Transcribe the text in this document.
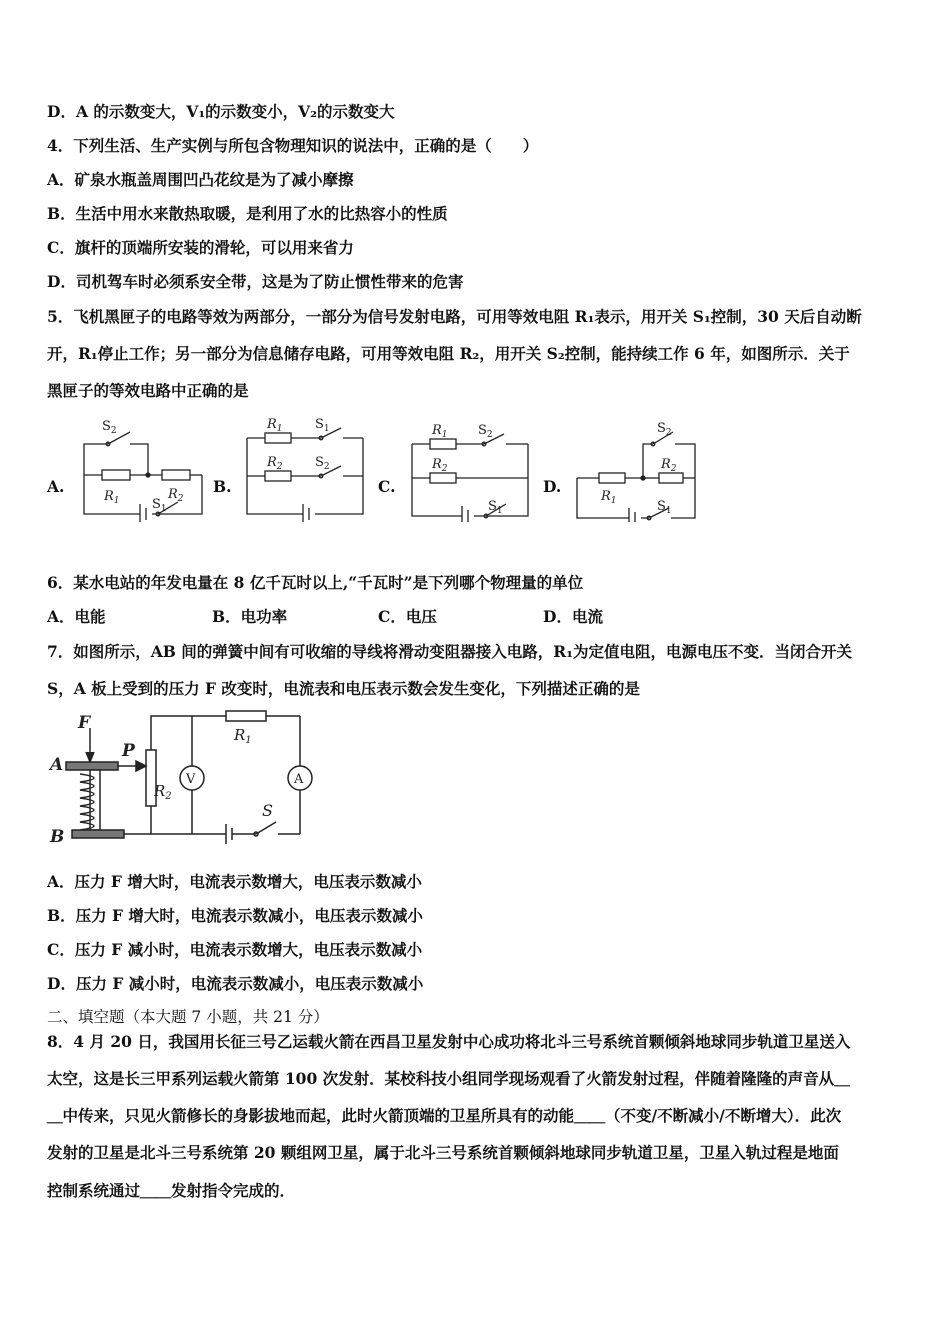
D．A 的示数变大，V₁的示数变小，V₂的示数变大
4．下列生活、生产实例与所包含物理知识的说法中，正确的是（　　）
A．矿泉水瓶盖周围凹凸花纹是为了减小摩擦
B．生活中用水来散热取暖，是利用了水的比热容小的性质
C．旗杆的顶端所安装的滑轮，可以用来省力
D．司机驾车时必须系安全带，这是为了防止惯性带来的危害
5．飞机黑匣子的电路等效为两部分，一部分为信号发射电路，可用等效电阻 R₁表示，用开关 S₁控制，30 天后自动断
开，R₁停止工作；另一部分为信息储存电路，可用等效电阻 R₂，用开关 S₂控制，能持续工作 6 年，如图所示．关于
黑匣子的等效电路中正确的是
A.	B.	C.	D.
$R_1$	$R_2$
$S_2$
$S_1$
$R_1$
$R_2$
$S_1$
$S_2$
$R_1$
$R_2$
$S_2$
$S_1$
$R_1$
$R_2$
$S_2$
$S_1$
6．某水电站的年发电量在 8 亿千瓦时以上,“千瓦时”是下列哪个物理量的单位
A．电能	B．电功率	C．电压	D．电流
7．如图所示，AB 间的弹簧中间有可收缩的导线将滑动变阻器接入电路，R₁为定值电阻，电源电压不变．当闭合开关
S，A 板上受到的压力 F 改变时，电流表和电压表示数会发生变化，下列描述正确的是
F
A
B
P
$R_2$
$R_1$
V	A
S
A．压力 F 增大时，电流表示数增大，电压表示数减小
B．压力 F 增大时，电流表示数减小，电压表示数减小
C．压力 F 减小时，电流表示数增大，电压表示数减小
D．压力 F 减小时，电流表示数减小，电压表示数减小
二、填空题（本大题 7 小题，共 21 分）
8．4 月 20 日，我国用长征三号乙运载火箭在西昌卫星发射中心成功将北斗三号系统首颗倾斜地球同步轨道卫星送入
太空，这是长三甲系列运载火箭第 100 次发射．某校科技小组同学现场观看了火箭发射过程，伴随着隆隆的声音从＿
＿中传来，只见火箭修长的身影拔地而起，此时火箭顶端的卫星所具有的动能＿＿（不变/不断减小/不断增大）．此次
发射的卫星是北斗三号系统第 20 颗组网卫星，属于北斗三号系统首颗倾斜地球同步轨道卫星，卫星入轨过程是地面
控制系统通过＿＿发射指令完成的．
